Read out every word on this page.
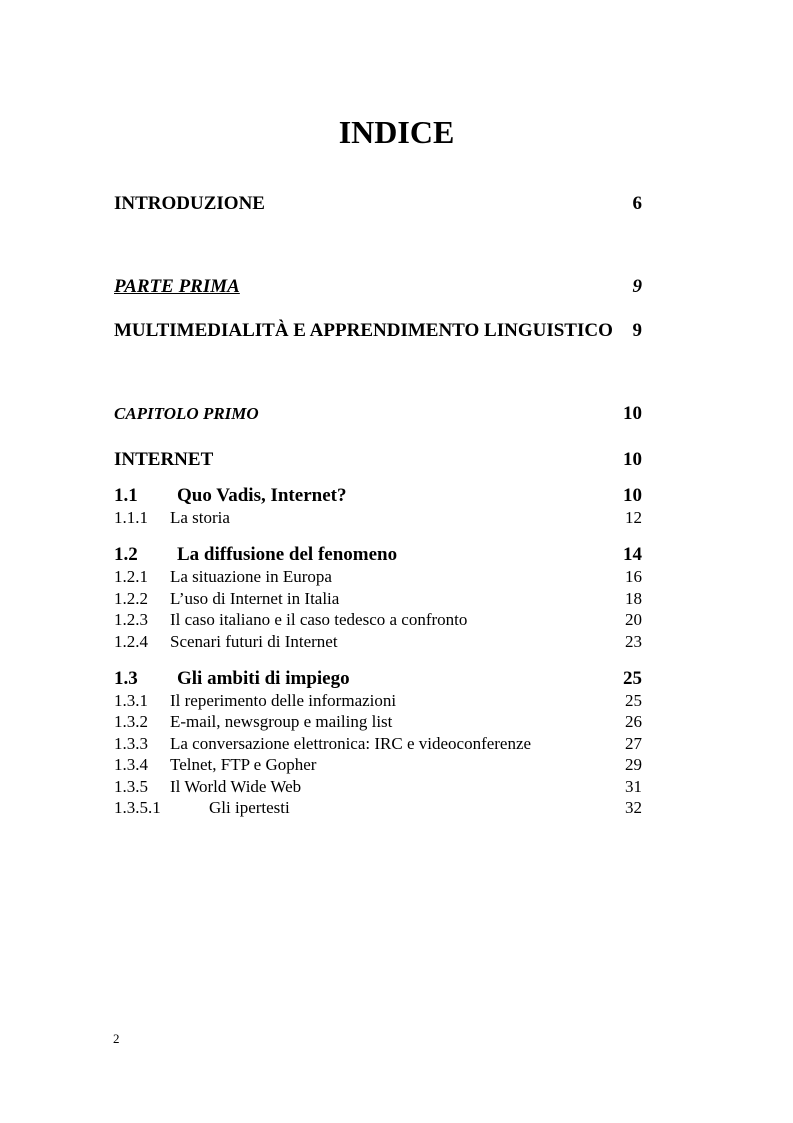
INDICE
INTRODUZIONE	6
PARTE PRIMA	9
MULTIMEDIALITÀ E APPRENDIMENTO LINGUISTICO 9
CAPITOLO PRIMO	10
INTERNET	10
1.1	Quo Vadis, Internet?	10
1.1.1	La storia	12
1.2	La diffusione del fenomeno	14
1.2.1	La situazione in Europa	16
1.2.2	L’uso di Internet in Italia	18
1.2.3	Il caso italiano e il caso tedesco a confronto	20
1.2.4	Scenari futuri di Internet	23
1.3	Gli ambiti di impiego	25
1.3.1	Il reperimento delle informazioni	25
1.3.2	E-mail, newsgroup e mailing list	26
1.3.3	La conversazione elettronica: IRC e videoconferenze	27
1.3.4	Telnet, FTP e Gopher	29
1.3.5	Il World Wide Web	31
1.3.5.1	Gli ipertesti	32
2
